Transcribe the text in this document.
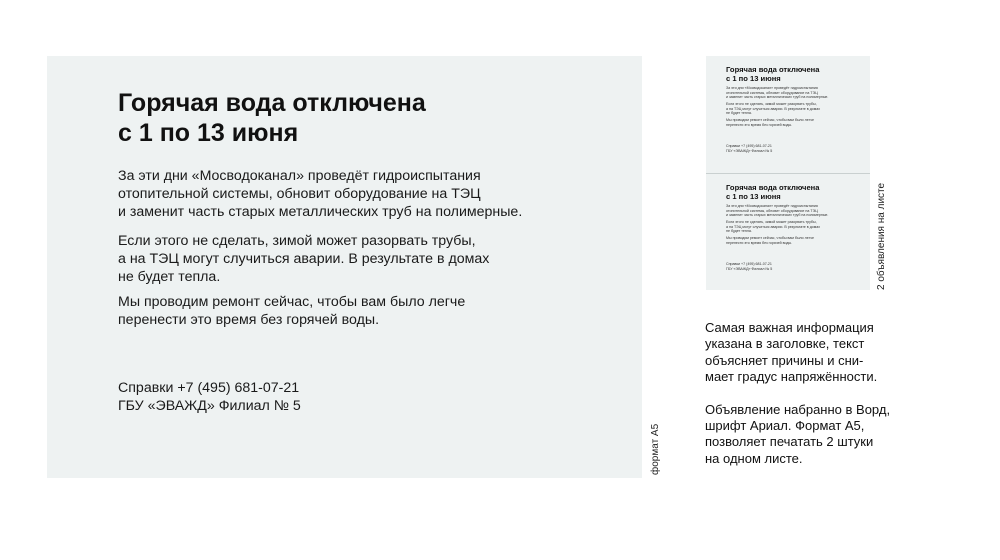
Горячая вода отключена
с 1 по 13 июня
За эти дни «Мосводоканал» проведёт гидроиспытания
отопительной системы, обновит оборудование на ТЭЦ
и заменит часть старых металлических труб на полимерные.
Если этого не сделать, зимой может разорвать трубы,
а на ТЭЦ могут случиться аварии. В результате в домах
не будет тепла.
Мы проводим ремонт сейчас, чтобы вам было легче
перенести это время без горячей воды.
Справки +7 (495) 681-07-21
ГБУ «ЭВАЖД» Филиал № 5
формат А5
Горячая вода отключена
с 1 по 13 июня
За эти дни «Мосводоканал» проведёт гидроиспытания
отопительной системы, обновит оборудование на ТЭЦ
и заменит часть старых металлических труб на полимерные.
Если этого не сделать, зимой может разорвать трубы,
а на ТЭЦ могут случиться аварии. В результате в домах
не будет тепла.
Мы проводим ремонт сейчас, чтобы вам было легче
перенести это время без горячей воды.
Справки +7 (495) 681-07-21
ГБУ «ЭВАЖД» Филиал № 5
Горячая вода отключена
с 1 по 13 июня
За эти дни «Мосводоканал» проведёт гидроиспытания
отопительной системы, обновит оборудование на ТЭЦ
и заменит часть старых металлических труб на полимерные.
Если этого не сделать, зимой может разорвать трубы,
а на ТЭЦ могут случиться аварии. В результате в домах
не будет тепла.
Мы проводим ремонт сейчас, чтобы вам было легче
перенести это время без горячей воды.
Справки +7 (495) 681-07-21
ГБУ «ЭВАЖД» Филиал № 5	2 объявления на листе
Самая важная информация
указана в заголовке, текст
объясняет причины и сни-
мает градус напряжённости.
Объявление набранно в Ворд,
шрифт Ариал. Формат А5,
позволяет печатать 2 штуки
на одном листе.
